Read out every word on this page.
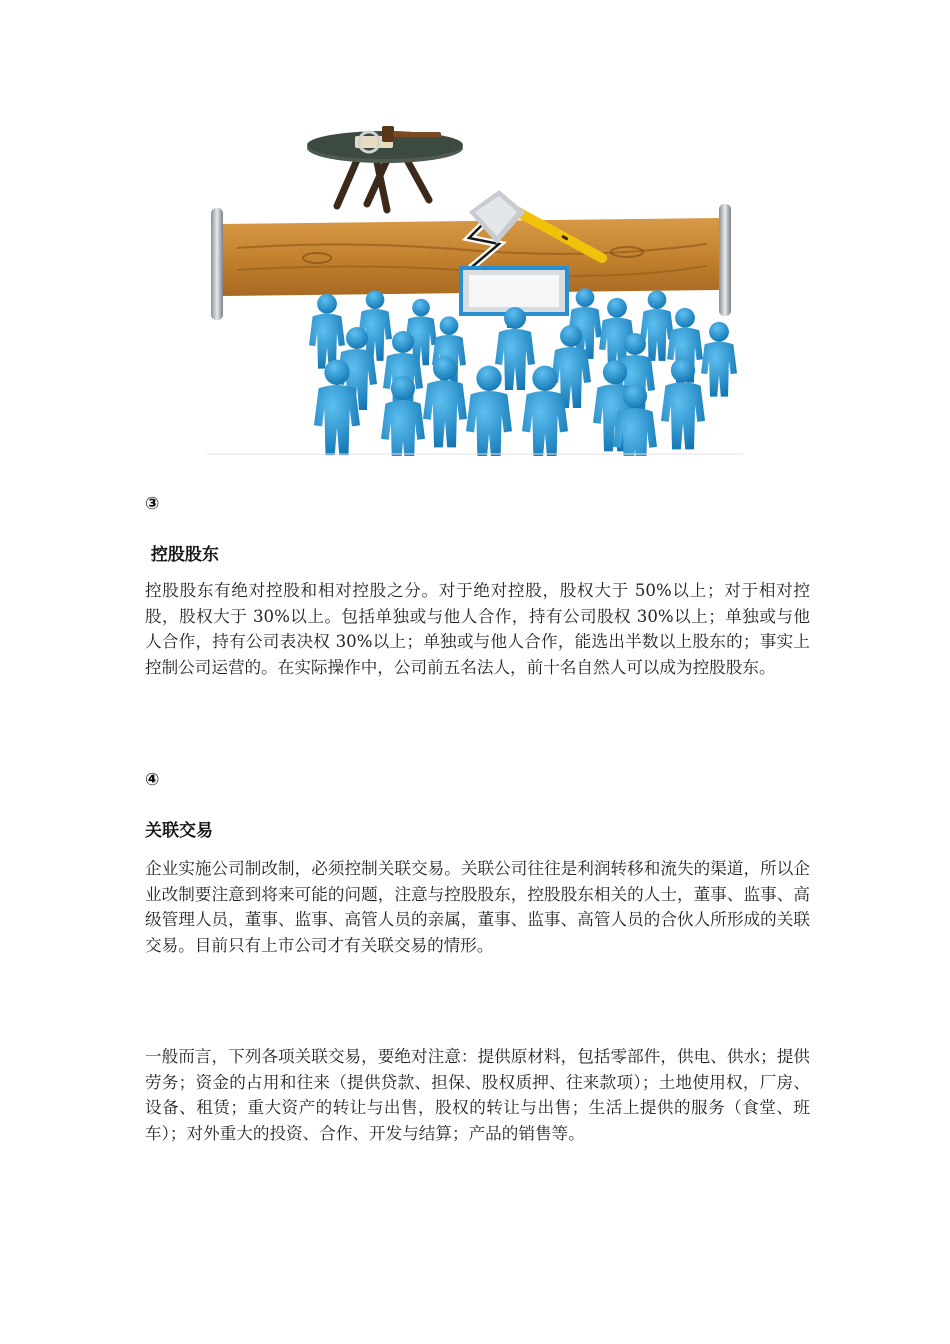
③
控股股东

控股股东有绝对控股和相对控股之分。对于绝对控股，股权大于 50%以上；对于相对控股，股权大于 30%以上。包括单独或与他人合作，持有公司股权 30%以上；单独或与他人合作，持有公司表决权 30%以上；单独或与他人合作，能选出半数以上股东的；事实上控制公司运营的。在实际操作中，公司前五名法人，前十名自然人可以成为控股股东。

④
关联交易

企业实施公司制改制，必须控制关联交易。关联公司往往是利润转移和流失的渠道，所以企业改制要注意到将来可能的问题，注意与控股股东，控股股东相关的人士，董事、监事、高级管理人员，董事、监事、高管人员的亲属，董事、监事、高管人员的合伙人所形成的关联交易。目前只有上市公司才有关联交易的情形。

一般而言，下列各项关联交易，要绝对注意：提供原材料，包括零部件，供电、供水；提供劳务；资金的占用和往来（提供贷款、担保、股权质押、往来款项）；土地使用权，厂房、设备、租赁；重大资产的转让与出售，股权的转让与出售；生活上提供的服务（食堂、班车）；对外重大的投资、合作、开发与结算；产品的销售等。
